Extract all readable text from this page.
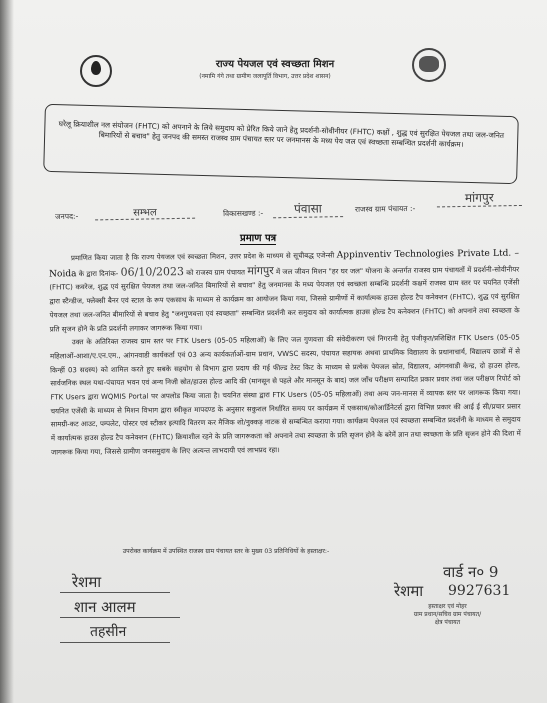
राज्य पेयजल एवं स्वच्छता मिशन
(नमामि गंगे तथा ग्रामीण जलापूर्ति विभाग, उत्तर प्रदेश शासन)
घरेलू क्रियाशील नल संयोजन (FHTC) को अपनाने के लिये समुदाय को प्रेरित किये जाने हेतु प्रदर्शनी-सोवीनीयर (FHTC) कक्षों , शुद्ध एवं सुरक्षित पेयजल तथा जल-जनित बिमारियों से बचाव" हेतु जनपद की समस्त राजस्व ग्राम पंचायत स्तर पर जनमानस के मध्य पेय जल एवं स्वच्छता सम्बन्धित प्रदर्शनी कार्यक्रम।
जनपद:-	सम्भल	विकासखण्ड :-	पंवासा	राजस्व ग्राम पंचायत :-
मांगपुर
प्रमाण पत्र

प्रमाणित किया जाता है कि राज्य पेयजल एवं स्वच्छता मिशन, उत्तर प्रदेश के माध्यम से सूचीबद्ध एजेन्सी Appinventiv Technologies Private Ltd. – Noida के द्वारा दिनांक- 06/10/2023 को राजस्व ग्राम पंचायत मांगपुर में जल जीवन मिशन "हर घर जल" योजना के अन्तर्गत राजस्व ग्राम पंचायतों में प्रदर्शनी-सोवीनीयर (FHTC) कवरेज, शुद्ध एवं सुरक्षित पेयजल तथा जल-जनित बिमारियों से बचाव" हेतु जनमानस के मध्य पेयजल एवं स्वच्छता सम्बन्धि प्रदर्शनी कक्षमें राजस्व ग्राम स्तर पर चयनित एजेंसी द्वारा स्टैन्डीज, फ्लेक्सी बैनर एवं स्टाल के रूप एकसाथ के माध्यम से कार्यक्रम का आयोजन किया गया, जिससे ग्रामीणों में कार्यात्मक हाउस होल्ड टैप कनेक्शन (FHTC), शुद्ध एवं सुरक्षित पेयजल तथा जल-जनित बीमारियों से बचाव हेतु "जनगुणवत्ता एवं स्वच्छता" सम्बन्धित प्रदर्शनी कर समुदाय को कार्यात्मक हाउस होल्ड टैप कनेक्शन (FHTC) को अपनाने तथा स्वच्छता के प्रति सृजन होने के प्रति प्रदर्शनी लगाकर जागरूक किया गया।

उक्त के अतिरिक्त राजस्व ग्राम स्तर पर FTK Users (05-05 महिलाओं) के लिए जल गुणवत्ता की संवेदीकरण एवं निगरानी हेतु पंजीकृत/प्रशिक्षित FTK Users (05-05 महिलाओं-आशा/ए.एन.एम., आंगनवाडी कार्यकर्ता एवं 03 अन्य कार्यकर्ताओं-ग्राम प्रधान, VWSC सदस्य, पंचायत सहायक अथवा प्राथमिक विद्यालय के प्रधानाचार्य, विद्यालय छात्रों में से किन्हीं 03 सदस्य) को शामिल करते हुए सबके सहयोग से विभाग द्वारा प्रदाय की गई फील्ड टेस्ट किट के माध्यम से प्रत्येक पेयजल स्रोत, विद्यालय, आंगनवाडी केन्द्र, दो हाउस होल्ड, सार्वजनिक स्थल यथा-पंचायत भवन एवं अन्य निजी स्रोत/हाउस होल्ड आदि की (मानसून से पहले और मानसून के बाद) जल जाँच परीक्षण सम्पादित प्रकार प्रवार तथा जल परीक्षण रिपोर्ट को FTK Users द्वारा WQMIS Portal पर अपलोड किया जाता है। चयनित संस्था द्वारा FTK Users (05-05 महिलाओं) तथा अन्य जन-मानस में व्यापक स्तर पर जागरूक किया गया। चयनित एजेंसी के माध्यम से मिशन विभाग द्वारा स्वीकृत मापदण्ड के अनुसार सकुशल निर्धारित समय पर कार्यक्रम में एकसाथ/कोआर्डिनेटर्स द्वारा विभिन्न प्रकार की आई ई सी/प्रचार प्रसार सामग्री-कट आउट, पम्पलेट, पोस्टर एवं स्टीकर इत्यादि वितरण कर मैजिक शो/नुक्कड़ नाटक से सम्बन्धित कराया गया। कार्यक्रम पेयजल एवं स्वच्छता सम्बन्धित प्रदर्शनी के माध्यम से समुदाय में कार्यात्मक हाउस होल्ड टैप कनेक्शन (FHTC) क्रियाशील रहने के प्रति जागरूकता को अपनाने तथा स्वच्छता के प्रति सृजन होने के बरेमें ज्ञान तथा स्वच्छता के प्रति सृजन होने की दिशा में जागरूक किया गया, जिससे ग्रामीण जनसमुदाय के लिए अत्यन्त लाभदायी एवं लाभप्रद रहा।

उपरोक्त कार्यक्रम में उपस्थित राजस्व ग्राम पंचायत स्तर के मुख्य 03 प्रतिनिधियों के हस्ताक्षर:-
रेशमा
शान आलम
तहसीन
वार्ड न० 9
रेशमा 9927631
हस्ताक्षर एवं मोहर
ग्राम प्रधान/सचिव ग्राम पंचायत/
क्षेत्र पंचायत
